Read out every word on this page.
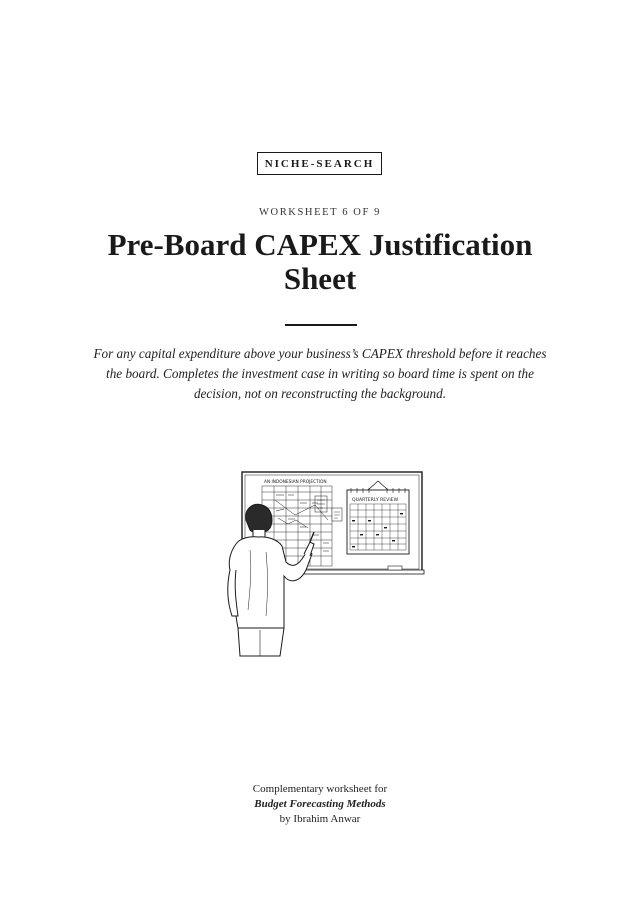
NICHE-SEARCH
WORKSHEET 6 OF 9
Pre-Board CAPEX Justification
Sheet

For any capital expenditure above your business’s CAPEX threshold before it reaches the board. Completes the investment case in writing so board time is spent on the decision, not on reconstructing the background.

AN INDONESIAN PROJECTION
QUARTERLY REVIEW
Complementary worksheet for
Budget Forecasting Methods
by Ibrahim Anwar
